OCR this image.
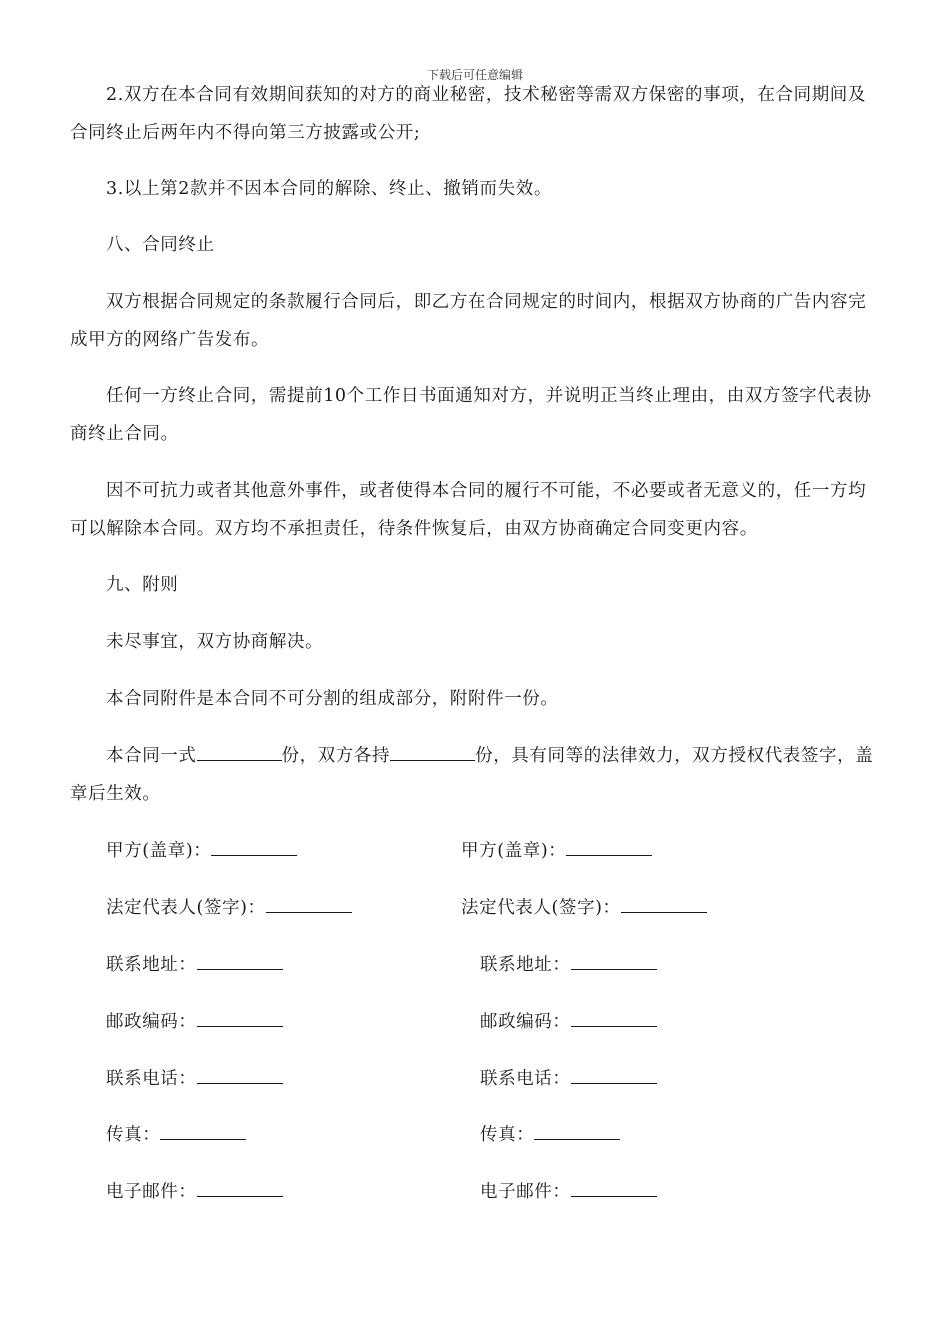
下载后可任意编辑

2.双方在本合同有效期间获知的对方的商业秘密，技术秘密等需双方保密的事项，在合同期间及合同终止后两年内不得向第三方披露或公开;

3.以上第2款并不因本合同的解除、终止、撤销而失效。

八、合同终止

双方根据合同规定的条款履行合同后，即乙方在合同规定的时间内，根据双方协商的广告内容完成甲方的网络广告发布。

任何一方终止合同，需提前10个工作日书面通知对方，并说明正当终止理由，由双方签字代表协商终止合同。

因不可抗力或者其他意外事件，或者使得本合同的履行不可能，不必要或者无意义的，任一方均可以解除本合同。双方均不承担责任，待条件恢复后，由双方协商确定合同变更内容。

九、附则

未尽事宜，双方协商解决。

本合同附件是本合同不可分割的组成部分，附附件一份。

本合同一式	份，双方各持	份，具有同等的法律效力，双方授权代表签字，盖章后生效。

甲方(盖章)：
法定代表人(签字)：
联系地址：
邮政编码：
联系电话：
传真：
电子邮件：
甲方(盖章)：
法定代表人(签字)：
联系地址：
邮政编码：
联系电话：
传真：
电子邮件：
